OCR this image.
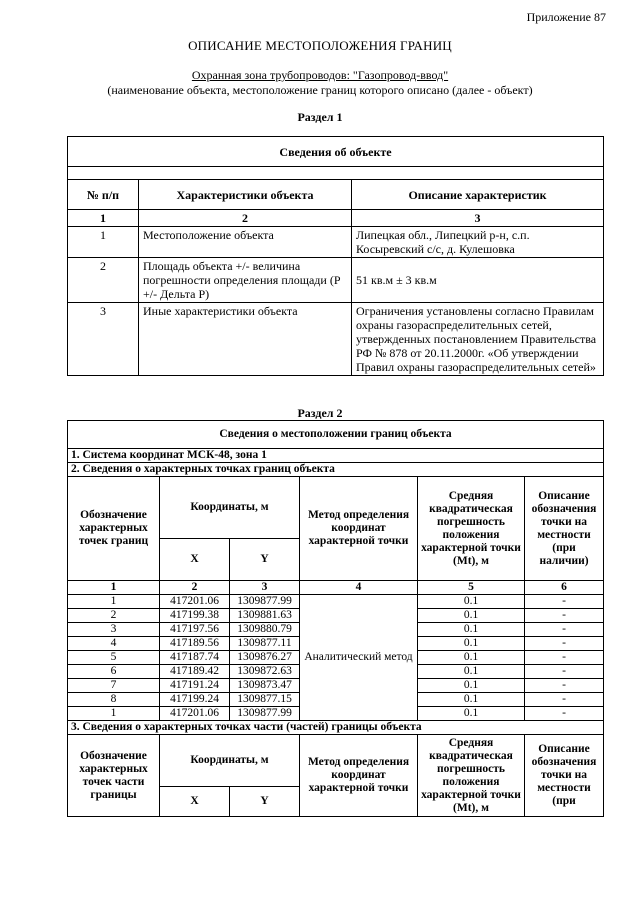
Приложение 87
ОПИСАНИЕ МЕСТОПОЛОЖЕНИЯ ГРАНИЦ
Охранная зона трубопроводов: "Газопровод-ввод"
(наименование объекта, местоположение границ которого описано (далее - объект)
Раздел 1
Сведения об объекте		

№ п/п	Характеристики объекта	Описание характеристик
1	2	3
1	Местоположение объекта	Липецкая обл., Липецкий р-н, с.п. Косыревский с/с, д. Кулешовка
2	Площадь объекта +/- величина погрешности определения площади (Р +/- Дельта Р)	51 кв.м ± 3 кв.м
3	Иные характеристики объекта	Ограничения установлены согласно Правилам охраны газораспределительных сетей, утвержденных постановлением Правительства РФ № 878 от 20.11.2000г. «Об утверждении Правил охраны газораспределительных сетей»
Раздел 2
Сведения о местоположении границ объекта					
1. Система координат МСК-48, зона 1					
2. Сведения о характерных точках границ объекта					
Обозначение характерных точек границ	Координаты, м		Метод определения координат характерной точки	Средняя квадратическая погрешность положения характерной точки (Mt), м	Описание обозначения точки на местности (при наличии)
	X	Y			
1	2	3	4	5	6
1	417201.06	1309877.99	Аналитический метод	0.1	-
2	417199.38	1309881.63		0.1	-
3	417197.56	1309880.79		0.1	-
4	417189.56	1309877.11		0.1	-
5	417187.74	1309876.27		0.1	-
6	417189.42	1309872.63		0.1	-
7	417191.24	1309873.47		0.1	-
8	417199.24	1309877.15		0.1	-
1	417201.06	1309877.99		0.1	-
3. Сведения о характерных точках части (частей) границы объекта					
Обозначение характерных точек части границы	Координаты, м		Метод определения координат характерной точки	Средняя квадратическая погрешность положения характерной точки (Mt), м	Описание обозначения точки на местности (при
	X	Y			
